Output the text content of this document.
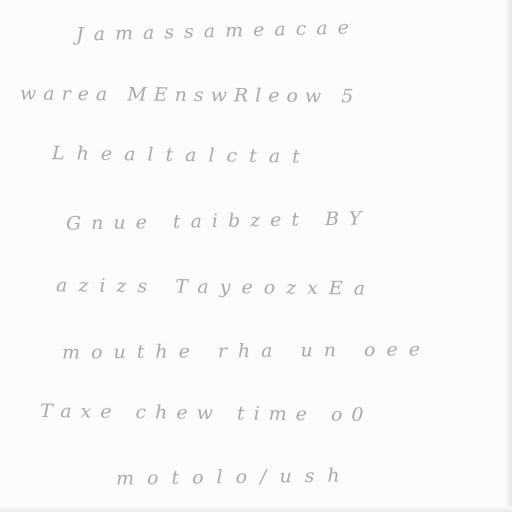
Jamassameacae

warea MEnswRleow 5

Lhealtalctat

Gnue taibzet BY

azizs TayeozxEa

mouthe rha un oee

Taxe chew time o0

motolo/ush
